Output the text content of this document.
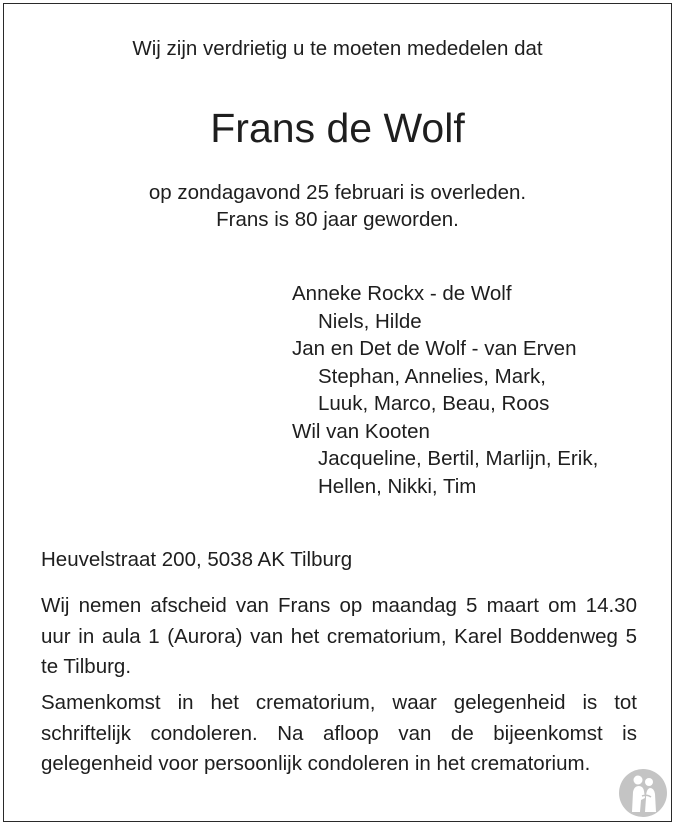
Wij zijn verdrietig u te moeten mededelen dat
Frans de Wolf
op zondagavond 25 februari is overleden.
Frans is 80 jaar geworden.
Anneke Rockx - de Wolf
Niels, Hilde
Jan en Det de Wolf - van Erven
Stephan, Annelies, Mark,
Luuk, Marco, Beau, Roos
Wil van Kooten
Jacqueline, Bertil, Marlijn, Erik,
Hellen, Nikki, Tim
Heuvelstraat 200, 5038 AK Tilburg
Wij nemen afscheid van Frans op maandag 5 maart om 14.30 uur in aula 1 (Aurora) van het crematorium, Karel Boddenweg 5 te Tilburg.
Samenkomst in het crematorium, waar gelegenheid is tot schriftelijk condoleren. Na afloop van de bijeenkomst is gelegenheid voor persoonlijk condoleren in het crematorium.
